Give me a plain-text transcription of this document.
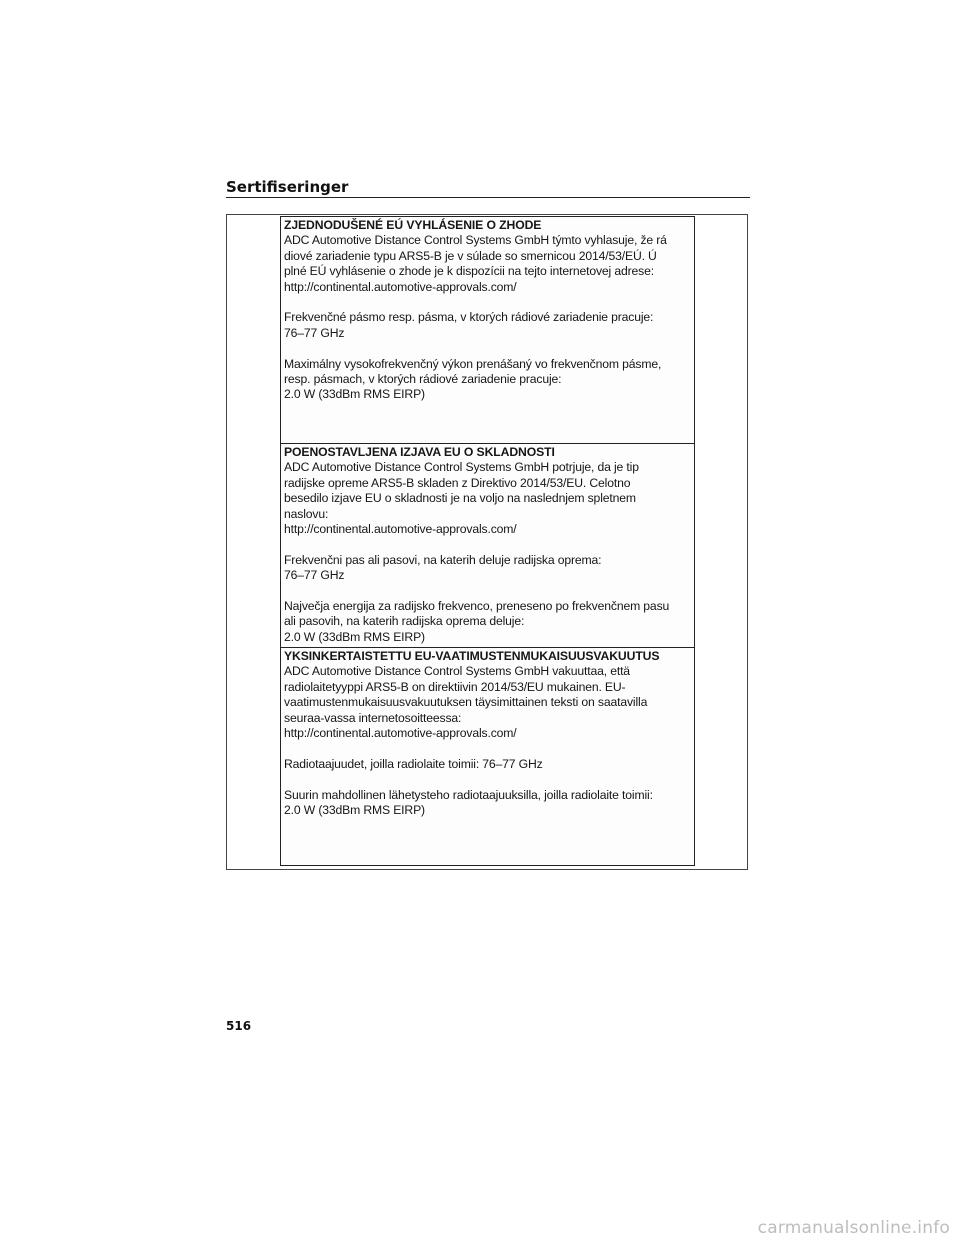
Sertifiseringer
ZJEDNODUŠENÉ EÚ VYHLÁSENIE O ZHODE
ADC Automotive Distance Control Systems GmbH týmto vyhlasuje, že rá
diové zariadenie typu ARS5-B je v súlade so smernicou 2014/53/EÚ. Ú
plné EÚ vyhlásenie o zhode je k dispozícii na tejto internetovej adrese:
http://continental.automotive-approvals.com/
Frekvenčné pásmo resp. pásma, v ktorých rádiové zariadenie pracuje:
76–77 GHz
Maximálny vysokofrekvenčný výkon prenášaný vo frekvenčnom pásme,
resp. pásmach, v ktorých rádiové zariadenie pracuje:
2.0 W (33dBm RMS EIRP)
POENOSTAVLJENA IZJAVA EU O SKLADNOSTI
ADC Automotive Distance Control Systems GmbH potrjuje, da je tip
radijske opreme ARS5-B skladen z Direktivo 2014/53/EU. Celotno
besedilo izjave EU o skladnosti je na voljo na naslednjem spletnem
naslovu:
http://continental.automotive-approvals.com/
Frekvenčni pas ali pasovi, na katerih deluje radijska oprema:
76–77 GHz
Največja energija za radijsko frekvenco, preneseno po frekvenčnem pasu
ali pasovih, na katerih radijska oprema deluje:
2.0 W (33dBm RMS EIRP)
YKSINKERTAISTETTU EU-VAATIMUSTENMUKAISUUSVAKUUTUS
ADC Automotive Distance Control Systems GmbH vakuuttaa, että
radiolaitetyyppi ARS5-B on direktiivin 2014/53/EU mukainen. EU-
vaatimustenmukaisuusvakuutuksen täysimittainen teksti on saatavilla
seuraa-vassa internetosoitteessa:
http://continental.automotive-approvals.com/
Radiotaajuudet, joilla radiolaite toimii: 76–77 GHz
Suurin mahdollinen lähetysteho radiotaajuuksilla, joilla radiolaite toimii:
2.0 W (33dBm RMS EIRP)
516
carmanualsonline.info
